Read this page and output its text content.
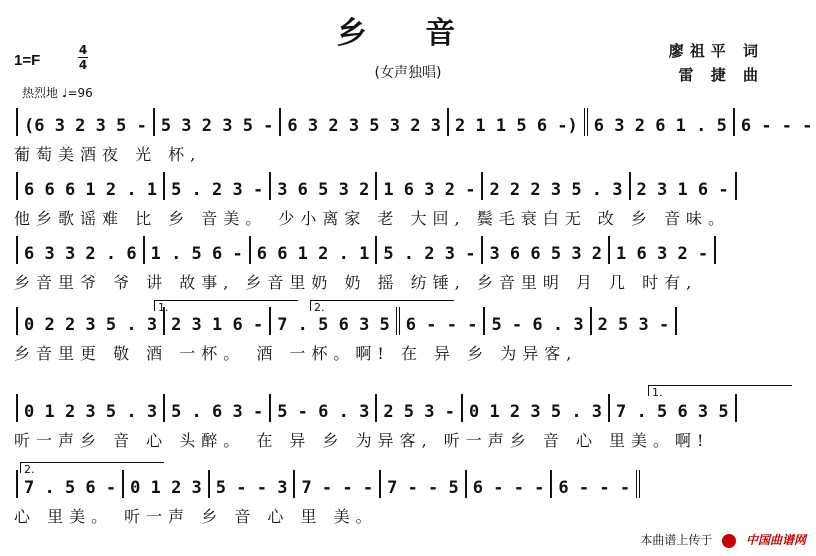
乡 音
(女声独唱)
1=F
4
4
热烈地 ♩=96
廖祖平 词
雷 捷 曲
(6 3 2 3 5 - 5 3 2 3 5 - 6 3 2 3 5 3 2 3 2 1 1 5 6 -) 6 3 2 6 1 . 5 6 - - -
葡萄美酒夜 光 杯,
6 6 6 1 2 . 1 5 . 2 3 - 3 6 5 3 2 1 6 3 2 - 2 2 2 3 5 . 3 2 3 1 6 -
他乡歌谣难 比 乡 音美。 少小离家 老 大回, 鬓毛衰白无 改 乡 音味。
6 3 3 2 . 6 1 . 5 6 - 6 6 1 2 . 1 5 . 2 3 - 3 6 6 5 3 2 1 6 3 2 -
乡音里爷 爷 讲 故事, 乡音里奶 奶 摇 纺锤, 乡音里明 月 几 时有,
0 2 2 3 5 . 3 2 3 1 6 - 7 . 5 6 3 5 6 - - - 5 - 6 . 3 2 5 3 -
乡音里更 敬 酒 一杯。 酒 一杯。啊! 在 异 乡 为异客,
0 1 2 3 5 . 3 5 . 6 3 - 5 - 6 . 3 2 5 3 - 0 1 2 3 5 . 3 7 . 5 6 3 5
听一声乡 音 心 头醉。 在 异 乡 为异客, 听一声乡 音 心 里美。啊!
7 . 5 6 - 0 1 2 3 5 - - 3 7 - - - 7 - - 5 6 - - - 6 - - -
心 里美。 听一声 乡 音 心 里 美。
本曲谱上传于	中国曲谱网
1.	2.
1.
2.
